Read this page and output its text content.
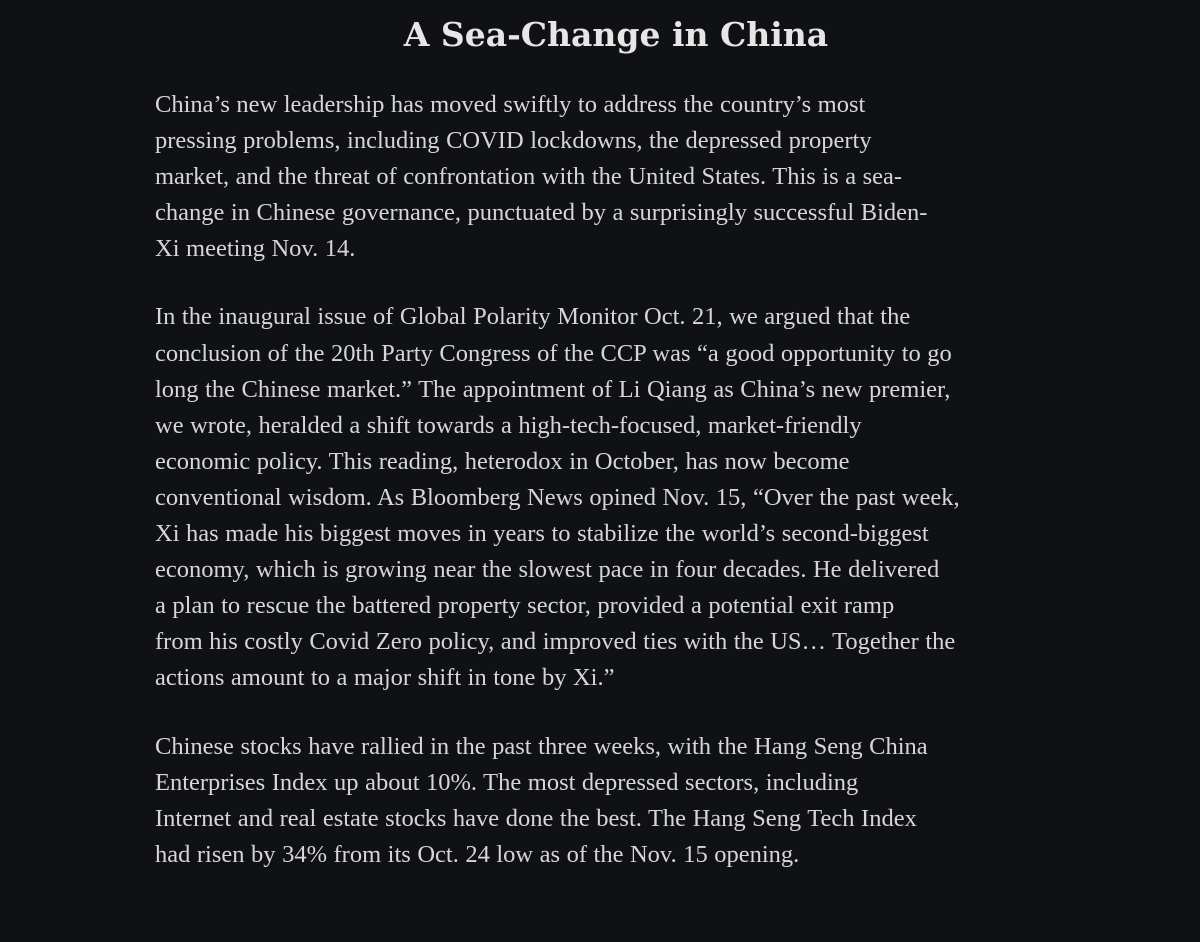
A Sea-Change in China

China’s new leadership has moved swiftly to address the country’s most
pressing problems, including COVID lockdowns, the depressed property
market, and the threat of confrontation with the United States. This is a sea-
change in Chinese governance, punctuated by a surprisingly successful Biden-
Xi meeting Nov. 14.

In the inaugural issue of Global Polarity Monitor Oct. 21, we argued that the
conclusion of the 20th Party Congress of the CCP was “a good opportunity to go
long the Chinese market.” The appointment of Li Qiang as China’s new premier,
we wrote, heralded a shift towards a high-tech-focused, market-friendly
economic policy. This reading, heterodox in October, has now become
conventional wisdom. As Bloomberg News opined Nov. 15, “Over the past week,
Xi has made his biggest moves in years to stabilize the world’s second-biggest
economy, which is growing near the slowest pace in four decades. He delivered
a plan to rescue the battered property sector, provided a potential exit ramp
from his costly Covid Zero policy, and improved ties with the US… Together the
actions amount to a major shift in tone by Xi.”

Chinese stocks have rallied in the past three weeks, with the Hang Seng China
Enterprises Index up about 10%. The most depressed sectors, including
Internet and real estate stocks have done the best. The Hang Seng Tech Index
had risen by 34% from its Oct. 24 low as of the Nov. 15 opening.
